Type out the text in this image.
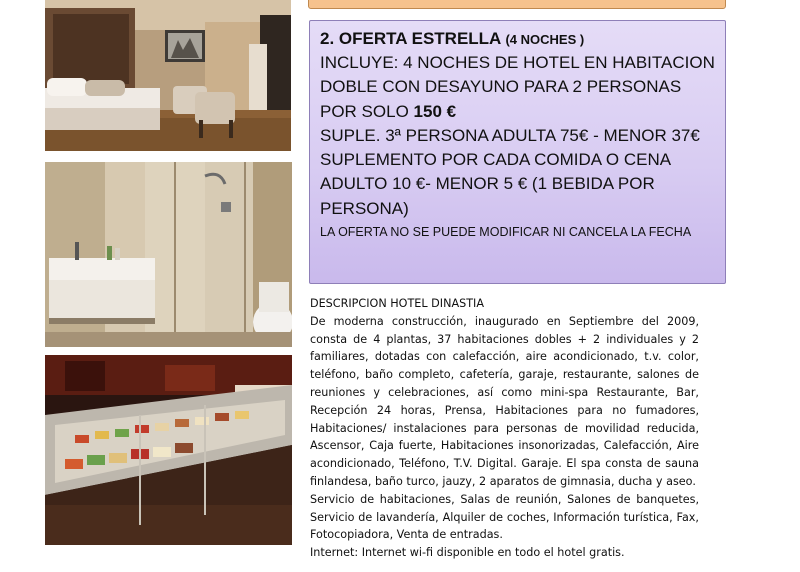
2. OFERTA ESTRELLA (4 NOCHES )
INCLUYE: 4 NOCHES DE HOTEL EN HABITACION
DOBLE CON DESAYUNO PARA 2 PERSONAS
POR SOLO 150 €
SUPLE. 3ª PERSONA ADULTA 75€ - MENOR 37€
SUPLEMENTO POR CADA COMIDA O CENA
ADULTO 10 €- MENOR 5 € (1 BEBIDA POR
PERSONA)
LA OFERTA NO SE PUEDE MODIFICAR NI CANCELA LA FECHA
DESCRIPCION HOTEL DINASTIA
De moderna construcción, inaugurado en Septiembre del 2009, consta de 4 plantas, 37 habitaciones dobles + 2 individuales y 2 familiares, dotadas con calefacción, aire acondicionado, t.v. color, teléfono, baño completo, cafetería, garaje, restaurante, salones de reuniones y celebraciones, así como mini-spa Restaurante, Bar, Recepción 24 horas, Prensa, Habitaciones para no fumadores, Habitaciones/ instalaciones para personas de movilidad reducida, Ascensor, Caja fuerte, Habitaciones insonorizadas, Calefacción, Aire acondicionado, Teléfono, T.V. Digital. Garaje. El spa consta de sauna finlandesa, baño turco, jauzy, 2 aparatos de gimnasia, ducha y aseo.
Servicio de habitaciones, Salas de reunión, Salones de banquetes, Servicio de lavandería, Alquiler de coches, Información turística, Fax, Fotocopiadora, Venta de entradas.
Internet: Internet wi-fi disponible en todo el hotel gratis.
